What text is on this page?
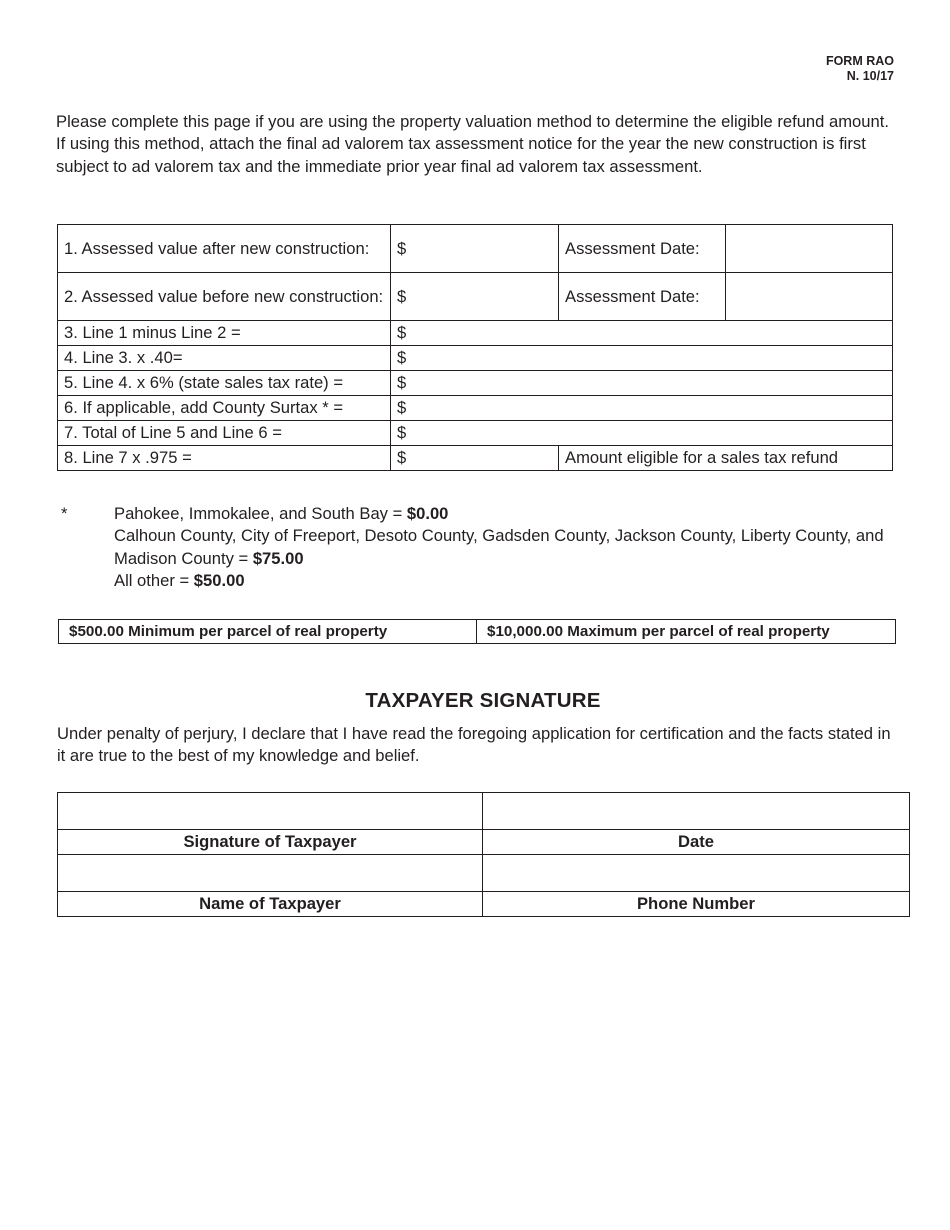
FORM RAO
N. 10/17

Please complete this page if you are using the property valuation method to determine the eligible refund amount. If using this method, attach the final ad valorem tax assessment notice for the year the new construction is first subject to ad valorem tax and the immediate prior year final ad valorem tax assessment.

1. Assessed value after new construction:	$	Assessment Date:	
2. Assessed value before new construction:	$	Assessment Date:	
3. Line 1 minus Line 2 =	$		
4. Line 3. x .40=	$		
5. Line 4. x 6% (state sales tax rate) =	$		
6. If applicable, add County Surtax * =	$		
7. Total of Line 5 and Line 6 =	$		
8. Line 7 x .975 =	$	Amount eligible for a sales tax refund	
*	Pahokee, Immokalee, and South Bay = $0.00
Calhoun County, City of Freeport, Desoto County, Gadsden County, Jackson County, Liberty County, and Madison County = $75.00
All other = $50.00
$500.00 Minimum per parcel of real property	$10,000.00 Maximum per parcel of real property
TAXPAYER SIGNATURE

Under penalty of perjury, I declare that I have read the foregoing application for certification and the facts stated in it are true to the best of my knowledge and belief.

Signature of Taxpayer	Date

Name of Taxpayer	Phone Number
